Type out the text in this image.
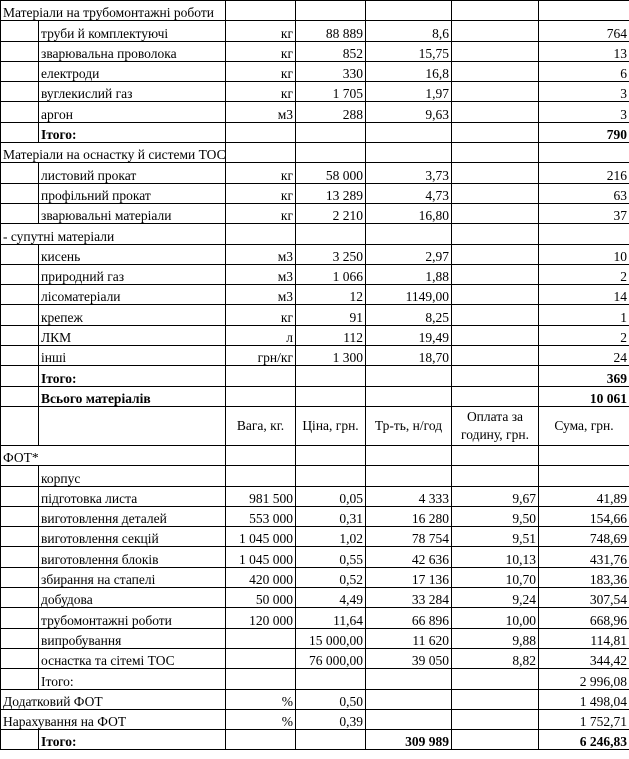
Матеріали на трубомонтажні роботи						
	труби й комплектуючі	кг	88 889	8,6		764
	зварювальна проволока	кг	852	15,75		13
	електроди	кг	330	16,8		6
	вуглекислий газ	кг	1 705	1,97		3
	аргон	м3	288	9,63		3
	Ітого:					790
Матеріали на оснастку й системи ТОС						
	листовий прокат	кг	58 000	3,73		216
	профільний прокат	кг	13 289	4,73		63
	зварювальні матеріали	кг	2 210	16,80		37
- супутні матеріали						
	кисень	м3	3 250	2,97		10
	природний газ	м3	1 066	1,88		2
	лісоматеріали	м3	12	1149,00		14
	крепеж	кг	91	8,25		1
	ЛКМ	л	112	19,49		2
	інші	грн/кг	1 300	18,70		24
	Ітого:					369
	Всього матеріалів					10 061
		Вага, кг.	Ціна, грн.	Тр-ть, н/год	Оплата за годину, грн.	Сума, грн.
ФОТ*						
	корпус					
	підготовка листа	981 500	0,05	4 333	9,67	41,89
	виготовлення деталей	553 000	0,31	16 280	9,50	154,66
	виготовлення секцій	1 045 000	1,02	78 754	9,51	748,69
	виготовлення блоків	1 045 000	0,55	42 636	10,13	431,76
	збирання на стапелі	420 000	0,52	17 136	10,70	183,36
	добудова	50 000	4,49	33 284	9,24	307,54
	трубомонтажні роботи	120 000	11,64	66 896	10,00	668,96
	випробування		15 000,00	11 620	9,88	114,81
	оснастка та сітемі ТОС		76 000,00	39 050	8,82	344,42
	Ітого:					2 996,08
Додатковий ФОТ		%	0,50			1 498,04
Нарахування на ФОТ		%	0,39			1 752,71
	Ітого:			309 989		6 246,83
